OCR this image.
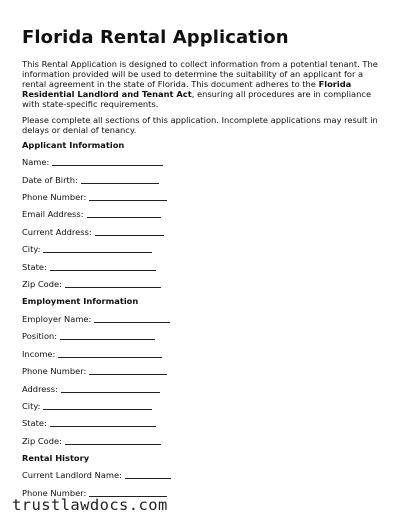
Florida Rental Application

This Rental Application is designed to collect information from a potential tenant. The information provided will be used to determine the suitability of an applicant for a rental agreement in the state of Florida. This document adheres to the Florida Residential Landlord and Tenant Act, ensuring all procedures are in compliance with state-specific requirements.

Please complete all sections of this application. Incomplete applications may result in delays or denial of tenancy.

Applicant Information
Name:
Date of Birth:
Phone Number:
Email Address:
Current Address:
City:
State:
Zip Code:
Employment Information
Employer Name:
Position:
Income:
Phone Number:
Address:
City:
State:
Zip Code:
Rental History
Current Landlord Name:
Phone Number:
trustlawdocs.com
